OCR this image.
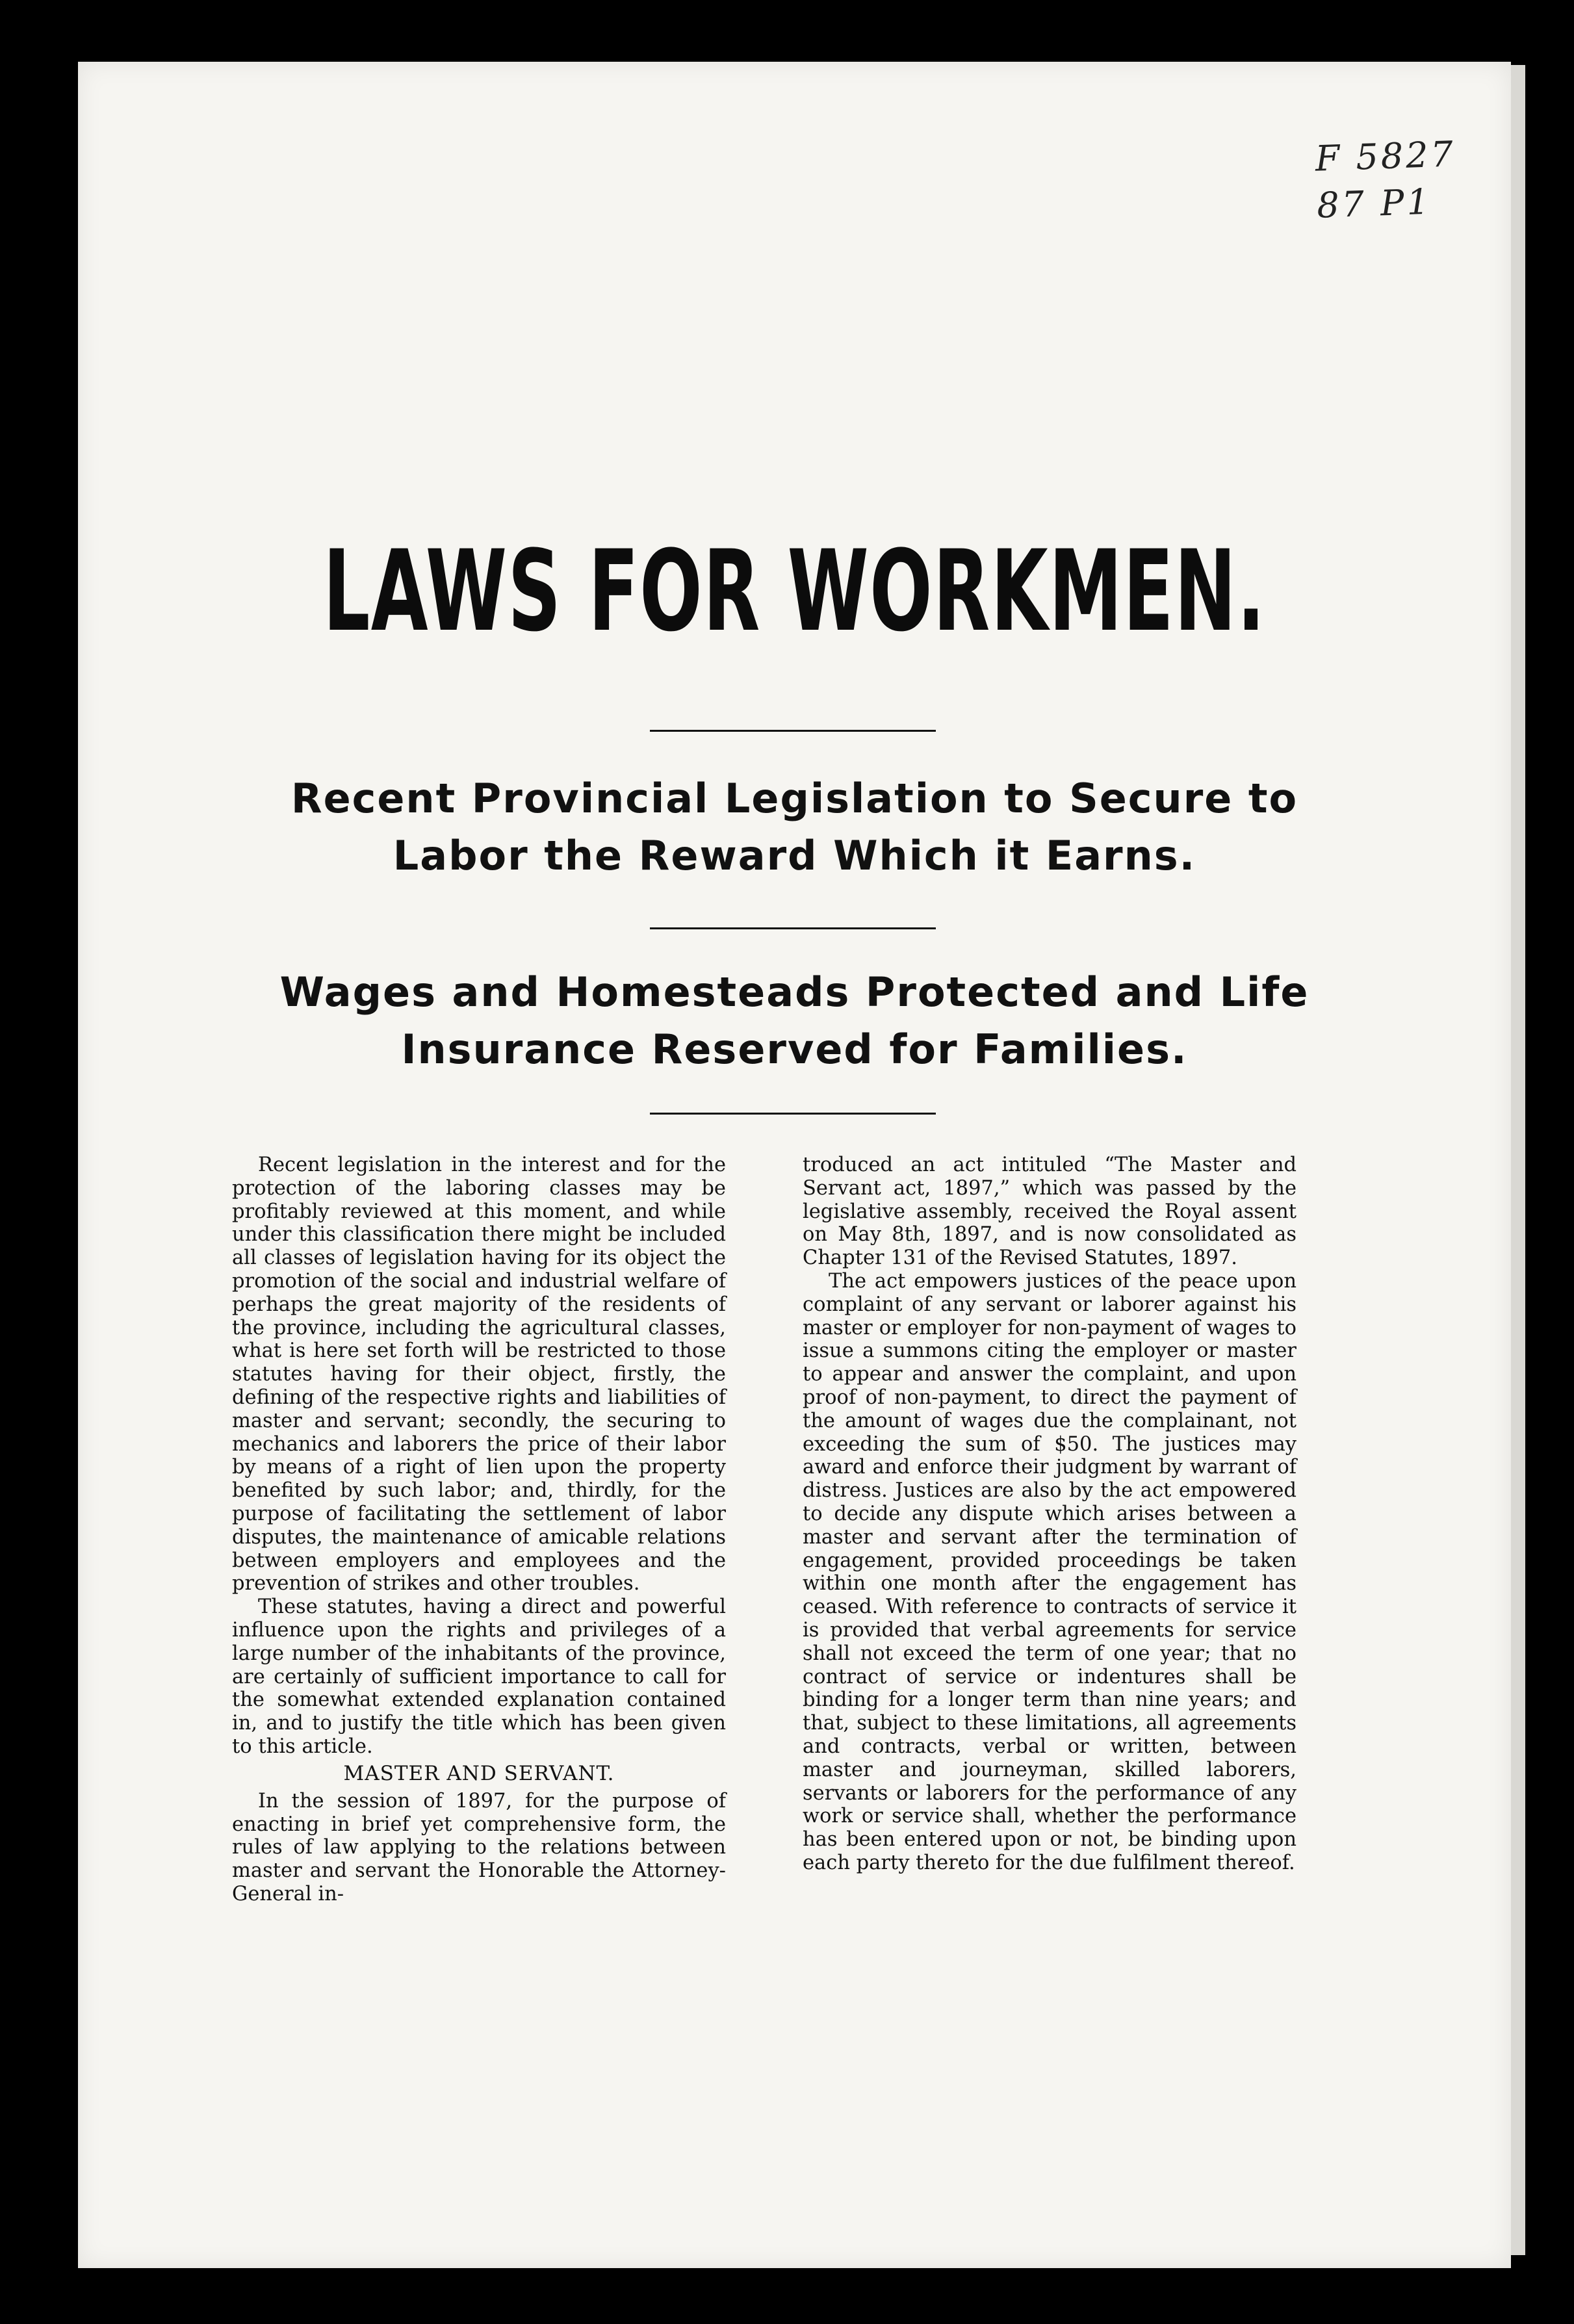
F 5827
87 P1
LAWS FOR WORKMEN.
Recent Provincial Legislation to Secure to Labor the Reward Which it Earns.
Wages and Homesteads Protected and Life Insurance Reserved for Families.

Recent legislation in the interest and for the protection of the laboring classes may be profitably reviewed at this moment, and while under this classification there might be included all classes of legislation having for its object the promotion of the social and industrial welfare of perhaps the great majority of the residents of the province, including the agricultural classes, what is here set forth will be restricted to those statutes having for their object, firstly, the defining of the respective rights and liabilities of master and servant; secondly, the securing to mechanics and laborers the price of their labor by means of a right of lien upon the property benefited by such labor; and, thirdly, for the purpose of facilitating the settlement of labor disputes, the maintenance of amicable relations between employers and employees and the prevention of strikes and other troubles.

These statutes, having a direct and powerful influence upon the rights and privileges of a large number of the inhabitants of the province, are certainly of sufficient importance to call for the somewhat extended explanation contained in, and to justify the title which has been given to this article.

MASTER AND SERVANT.

In the session of 1897, for the purpose of enacting in brief yet comprehensive form, the rules of law applying to the relations between master and servant the Honorable the Attorney-General in-

troduced an act intituled “The Master and Servant act, 1897,” which was passed by the legislative assembly, received the Royal assent on May 8th, 1897, and is now consolidated as Chapter 131 of the Revised Statutes, 1897.

The act empowers justices of the peace upon complaint of any servant or laborer against his master or employer for non-payment of wages to issue a summons citing the employer or master to appear and answer the complaint, and upon proof of non-payment, to direct the payment of the amount of wages due the complainant, not exceeding the sum of $50. The justices may award and enforce their judgment by warrant of distress. Justices are also by the act empowered to decide any dispute which arises between a master and servant after the termination of engagement, provided proceedings be taken within one month after the engagement has ceased. With reference to contracts of service it is provided that verbal agreements for service shall not exceed the term of one year; that no contract of service or indentures shall be binding for a longer term than nine years; and that, subject to these limitations, all agreements and contracts, verbal or written, between master and journeyman, skilled laborers, servants or laborers for the performance of any work or service shall, whether the performance has been entered upon or not, be binding upon each party thereto for the due fulfilment thereof.
